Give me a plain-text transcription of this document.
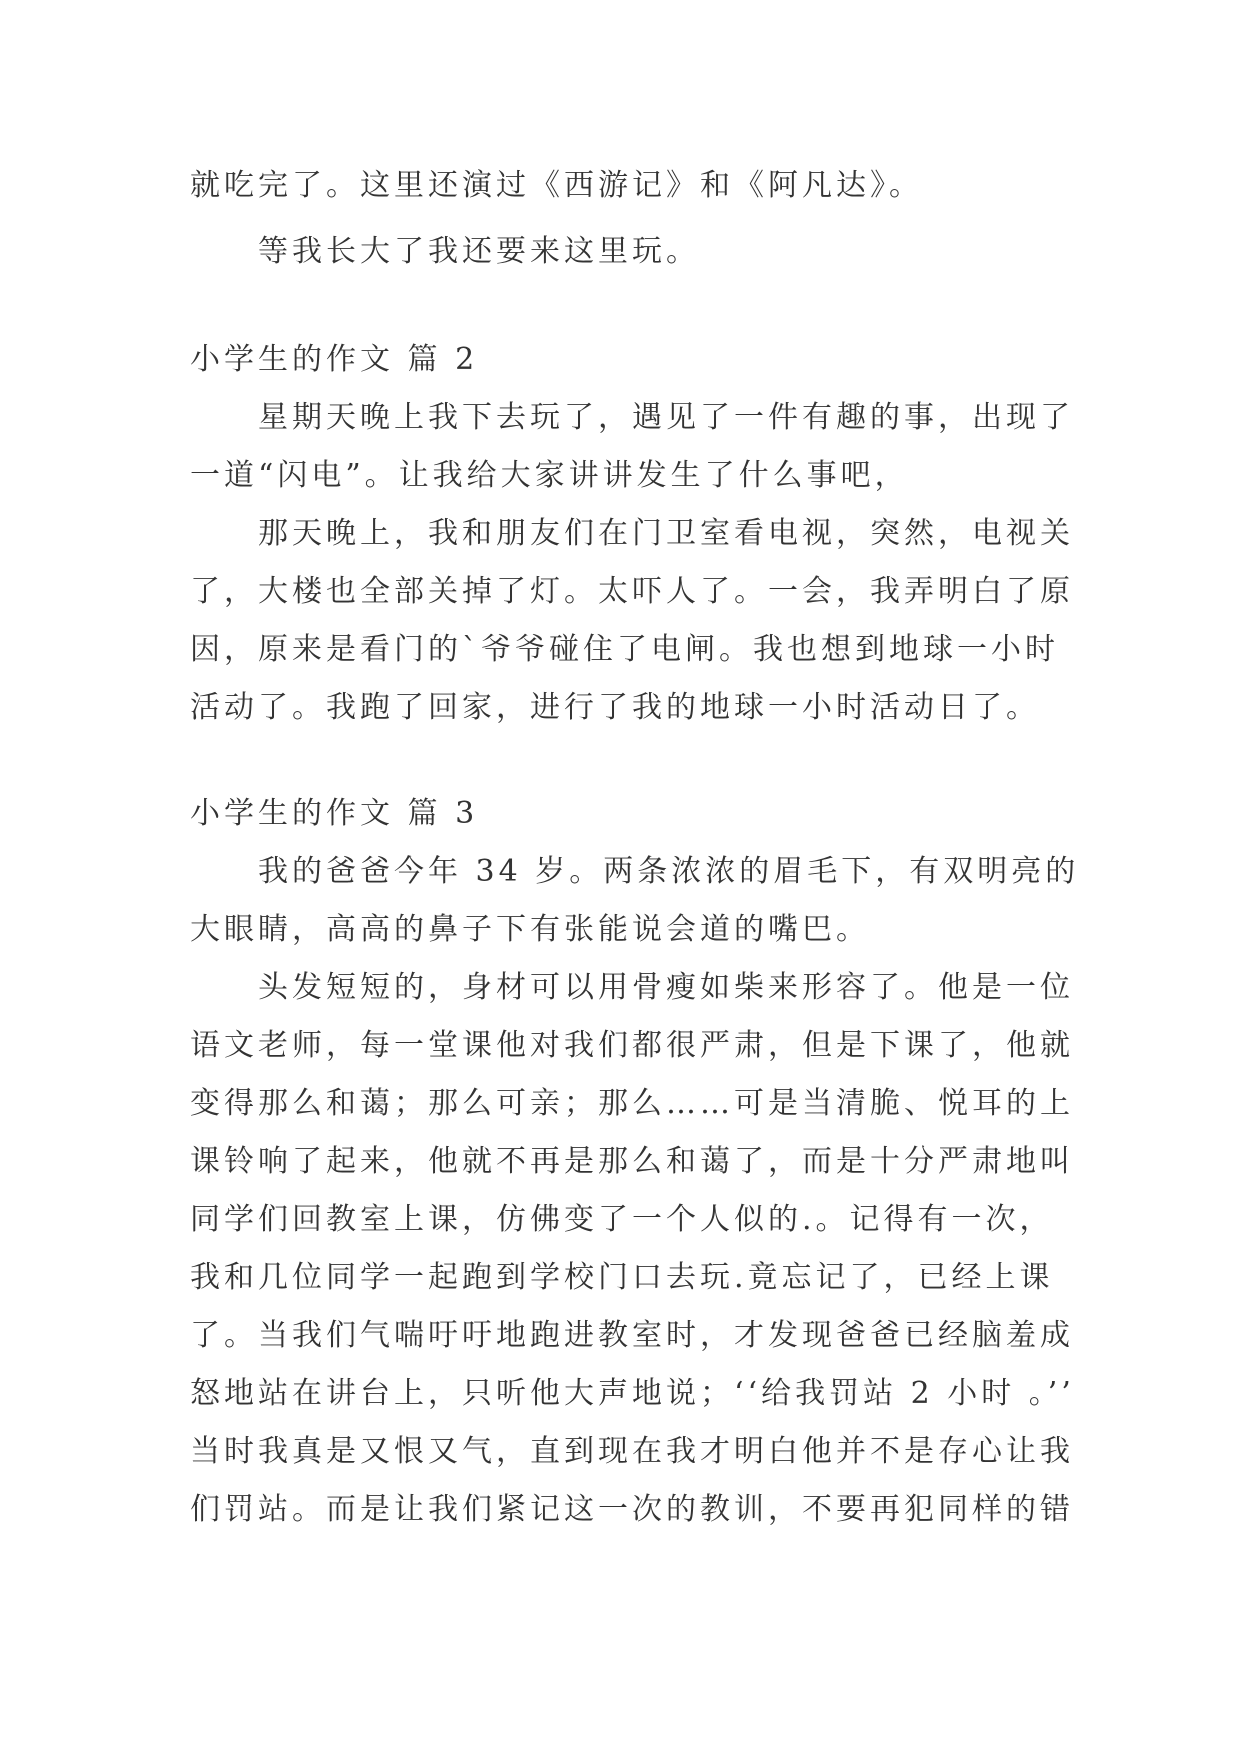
就吃完了。这里还演过《西游记》和《阿凡达》。
等我长大了我还要来这里玩。
小学生的作文 篇 2
星期天晚上我下去玩了，遇见了一件有趣的事，出现了
一道“闪电”。让我给大家讲讲发生了什么事吧，
那天晚上，我和朋友们在门卫室看电视，突然，电视关
了，大楼也全部关掉了灯。太吓人了。一会，我弄明白了原
因，原来是看门的`爷爷碰住了电闸。我也想到地球一小时
活动了。我跑了回家，进行了我的地球一小时活动日了。
小学生的作文 篇 3
我的爸爸今年 34 岁。两条浓浓的眉毛下，有双明亮的
大眼睛，高高的鼻子下有张能说会道的嘴巴。
头发短短的，身材可以用骨瘦如柴来形容了。他是一位
语文老师，每一堂课他对我们都很严肃，但是下课了，他就
变得那么和蔼；那么可亲；那么……可是当清脆、悦耳的上
课铃响了起来，他就不再是那么和蔼了，而是十分严肃地叫
同学们回教室上课，仿佛变了一个人似的.。记得有一次，
我和几位同学一起跑到学校门口去玩.竟忘记了，已经上课
了。当我们气喘吁吁地跑进教室时，才发现爸爸已经脑羞成
怒地站在讲台上，只听他大声地说；‘‘给我罚站 2 小时 。’’
当时我真是又恨又气，直到现在我才明白他并不是存心让我
们罚站。而是让我们紧记这一次的教训，不要再犯同样的错
